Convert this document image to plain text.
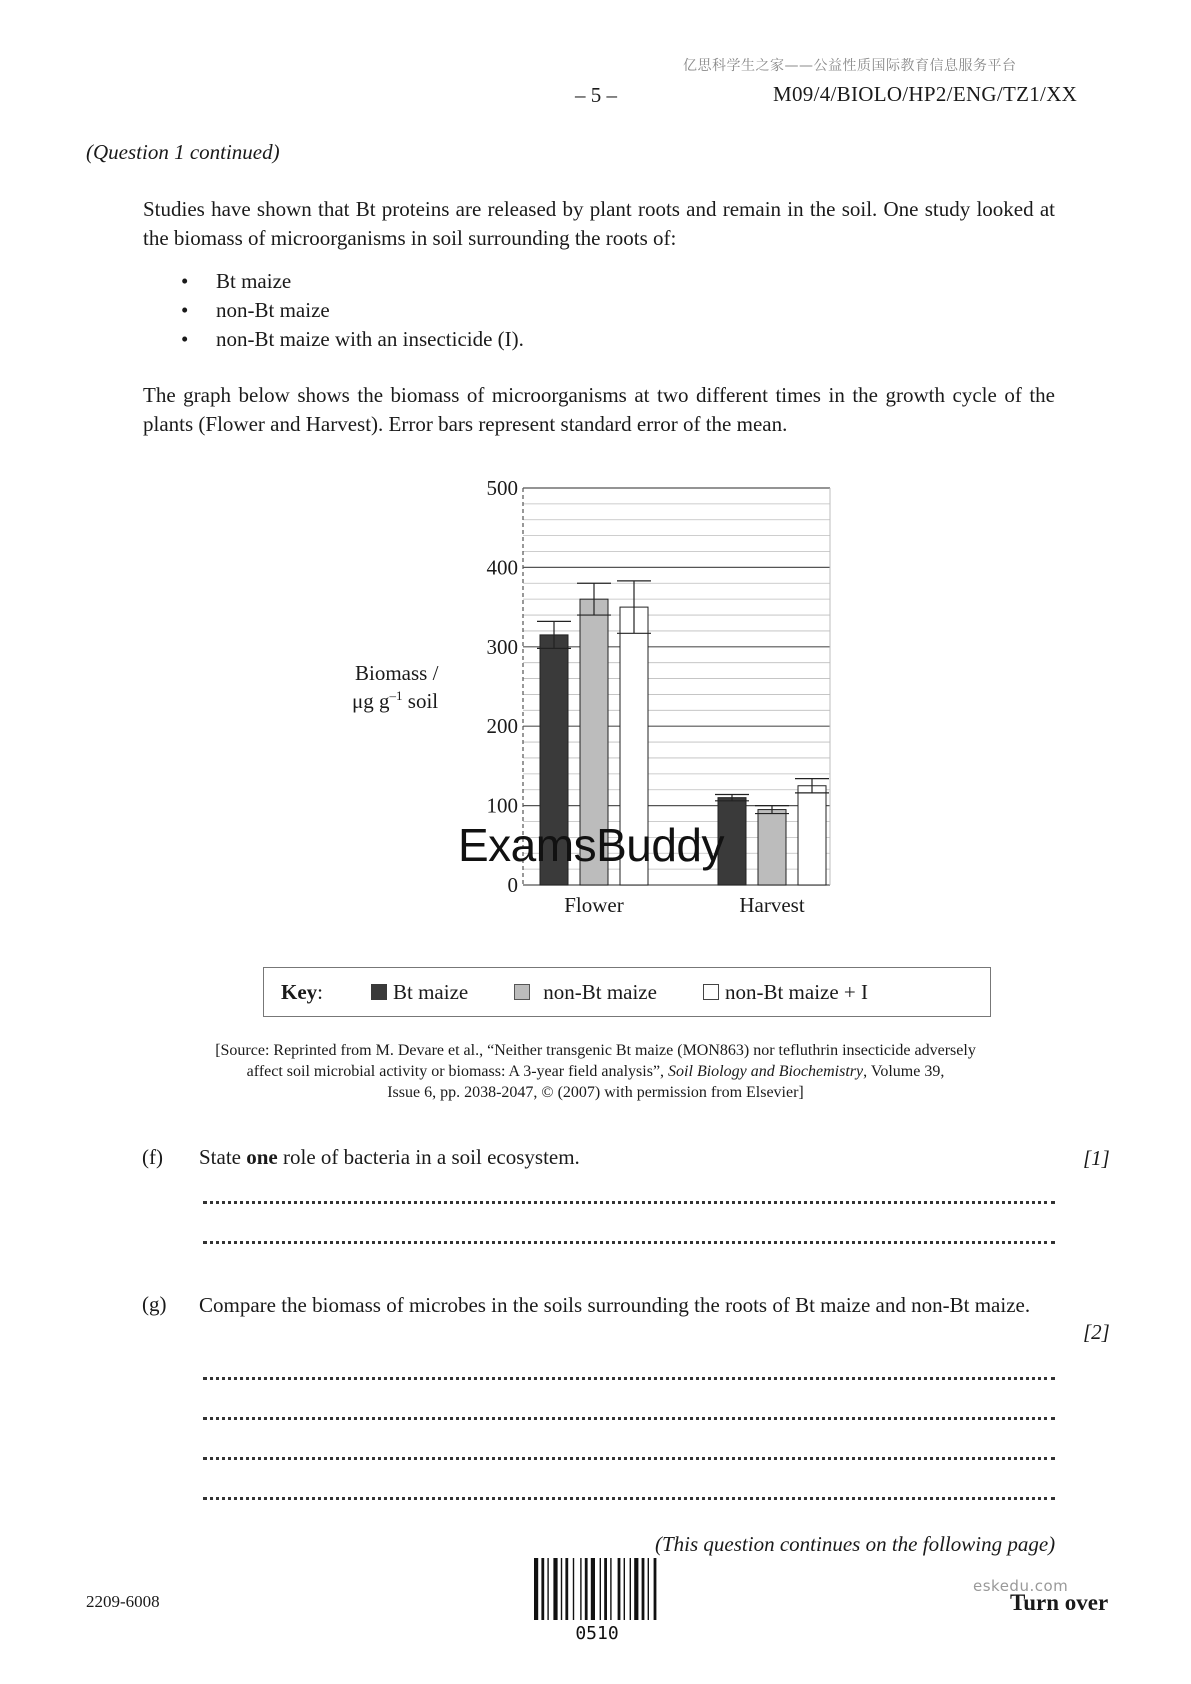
亿思科学生之家——公益性质国际教育信息服务平台
– 5 –	M09/4/BIOLO/HP2/ENG/TZ1/XX
(Question 1 continued)
Studies have shown that Bt proteins are released by plant roots and remain in the soil. One study looked at the biomass of microorganisms in soil surrounding the roots of:
• Bt maize
• non-Bt maize
• non-Bt maize with an insecticide (I).
The graph below shows the biomass of microorganisms at two different times in the growth cycle of the plants (Flower and Harvest). Error bars represent standard error of the mean.
0
100
200
300
400
500
Flower	Harvest
Biomass /
μg $g^{-1}$ soil
ExamsBuddy
Key :	Bt maize	non-Bt maize	non-Bt maize + I
[Source: Reprinted from M. Devare et al., “Neither transgenic Bt maize (MON863) nor tefluthrin insecticide adversely
affect soil microbial activity or biomass: A 3-year field analysis”, Soil Biology and Biochemistry, Volume 39,
Issue 6, pp. 2038-2047, © (2007) with permission from Elsevier]
(f) State one role of bacteria in a soil ecosystem.	[1]
(g) Compare the biomass of microbes in the soils surrounding the roots of Bt maize and non-Bt maize.
[2]
(This question continues on the following page)
2209-6008
0510
eskedu.com
Turn over
